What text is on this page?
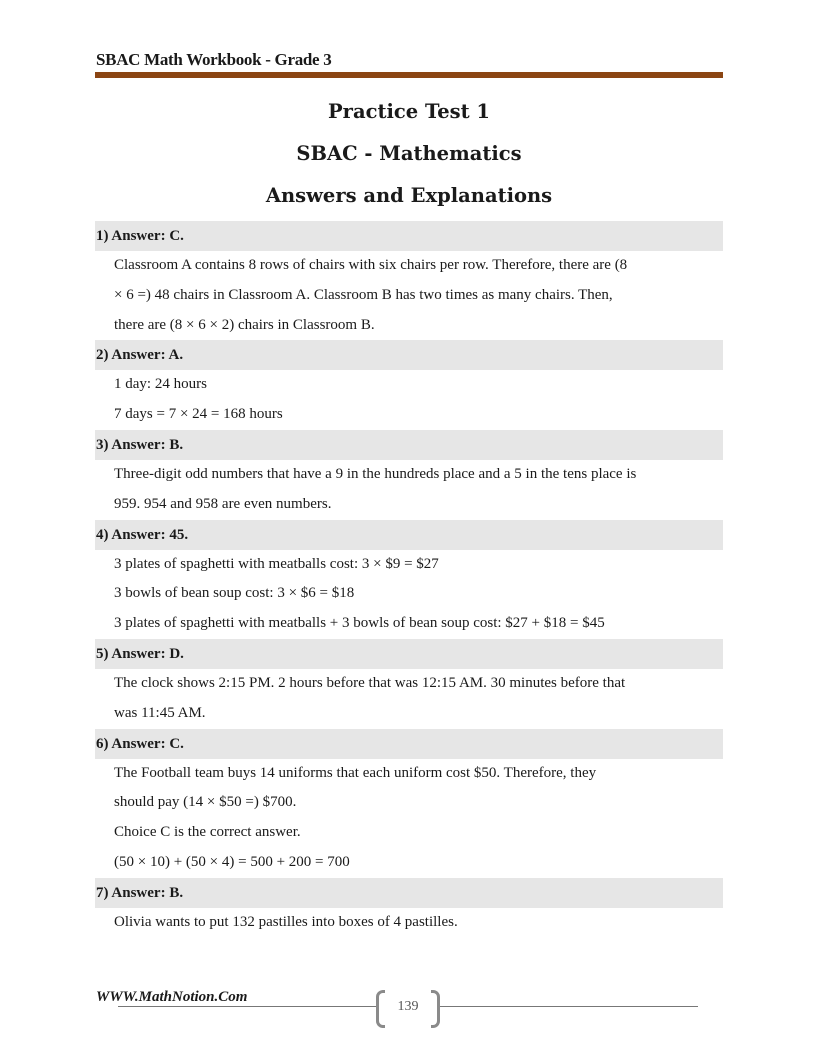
SBAC Math Workbook - Grade 3
Practice Test 1
SBAC - Mathematics
Answers and Explanations
1) Answer: C.
Classroom A contains 8 rows of chairs with six chairs per row. Therefore, there are (8
× 6 =) 48 chairs in Classroom A. Classroom B has two times as many chairs. Then,
there are (8 × 6 × 2) chairs in Classroom B.
2) Answer: A.
1 day: 24 hours
7 days = 7 × 24 = 168 hours
3) Answer: B.
Three-digit odd numbers that have a 9 in the hundreds place and a 5 in the tens place is
959. 954 and 958 are even numbers.
4) Answer: 45.
3 plates of spaghetti with meatballs cost: 3 × $9 = $27
3 bowls of bean soup cost: 3 × $6 = $18
3 plates of spaghetti with meatballs + 3 bowls of bean soup cost: $27 + $18 = $45
5) Answer: D.
The clock shows 2:15 PM. 2 hours before that was 12:15 AM. 30 minutes before that
was 11:45 AM.
6) Answer: C.
The Football team buys 14 uniforms that each uniform cost $50. Therefore, they
should pay (14 × $50 =) $700.
Choice C is the correct answer.
(50 × 10) + (50 × 4) = 500 + 200 = 700
7) Answer: B.
Olivia wants to put 132 pastilles into boxes of 4 pastilles.
WWW.MathNotion.Com
139
